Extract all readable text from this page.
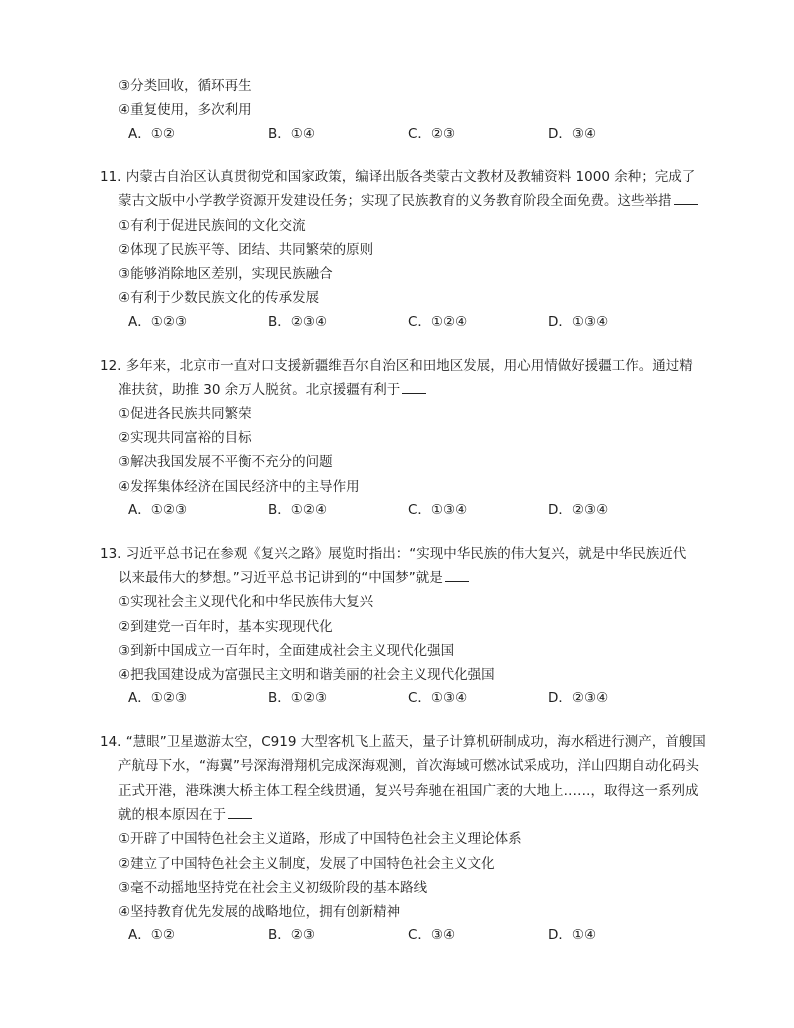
③分类回收，循环再生
④重复使用，多次利用
A．①②	B．①④	C．②③	D．③④
11. 内蒙古自治区认真贯彻党和国家政策，编译出版各类蒙古文教材及教辅资料 1000 余种；完成了
蒙古文版中小学教学资源开发建设任务；实现了民族教育的义务教育阶段全面免费。这些举措
①有利于促进民族间的文化交流
②体现了民族平等、团结、共同繁荣的原则
③能够消除地区差别，实现民族融合
④有利于少数民族文化的传承发展
A．①②③	B．②③④	C．①②④	D．①③④
12. 多年来，北京市一直对口支援新疆维吾尔自治区和田地区发展，用心用情做好援疆工作。通过精
准扶贫，助推 30 余万人脱贫。北京援疆有利于
①促进各民族共同繁荣
②实现共同富裕的目标
③解决我国发展不平衡不充分的问题
④发挥集体经济在国民经济中的主导作用
A．①②③	B．①②④	C．①③④	D．②③④
13. 习近平总书记在参观《复兴之路》展览时指出：“实现中华民族的伟大复兴，就是中华民族近代
以来最伟大的梦想。”习近平总书记讲到的“中国梦”就是
①实现社会主义现代化和中华民族伟大复兴
②到建党一百年时，基本实现现代化
③到新中国成立一百年时，全面建成社会主义现代化强国
④把我国建设成为富强民主文明和谐美丽的社会主义现代化强国
A．①②③	B．①②③	C．①③④	D．②③④
14. “慧眼”卫星遨游太空，C919 大型客机飞上蓝天，量子计算机研制成功，海水稻进行测产，首艘国
产航母下水，“海翼”号深海滑翔机完成深海观测，首次海域可燃冰试采成功，洋山四期自动化码头
正式开港，港珠澳大桥主体工程全线贯通，复兴号奔驰在祖国广袤的大地上……，取得这一系列成
就的根本原因在于
①开辟了中国特色社会主义道路，形成了中国特色社会主义理论体系
②建立了中国特色社会主义制度，发展了中国特色社会主义文化
③毫不动摇地坚持党在社会主义初级阶段的基本路线
④坚持教育优先发展的战略地位，拥有创新精神
A．①②	B．②③	C．③④	D．①④
